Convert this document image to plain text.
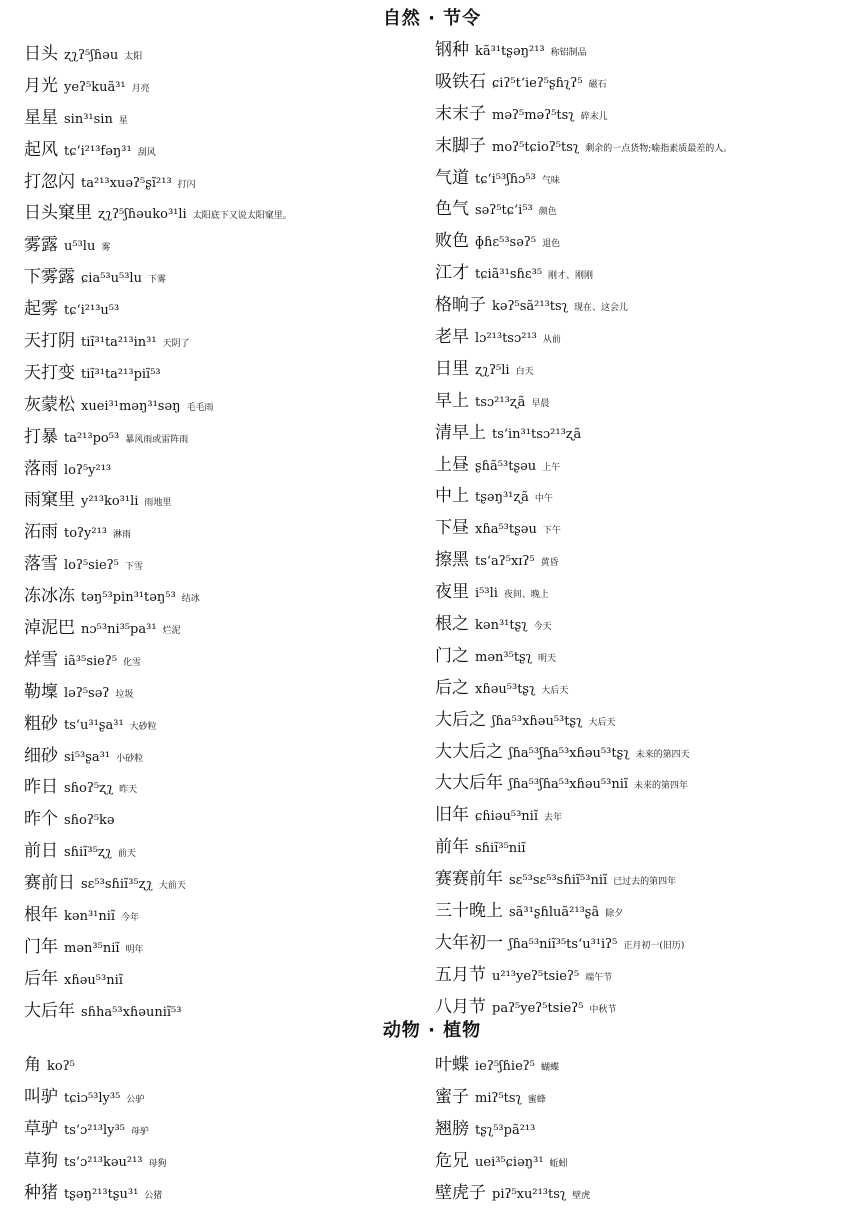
自然 · 节令
日头 ʐʅʔ⁵ʃɦəu 太阳
月光 yeʔ⁵kuã³¹ 月亮
星星 sin³¹sin 星
起风 tɕʻi²¹³fəŋ³¹ 刮风
打忽闪 ta²¹³xuəʔ⁵ʂĩ²¹³ 打闪
日头窠里 ʐʅʔ⁵ʃɦəuko³¹li 太阳底下又说太阳窠里。
雾露 u⁵³lu 雾
下雾露 ɕia⁵³u⁵³lu 下雾
起雾 tɕʻi²¹³u⁵³
天打阴 tiĩ³¹ta²¹³in³¹ 天阴了
天打变 tiĩ³¹ta²¹³piĩ⁵³
灰蒙松 xuei³¹məŋ³¹səŋ 毛毛雨
打暴 ta²¹³po⁵³ 暴风雨或雷阵雨
落雨 loʔ⁵y²¹³
雨窠里 y²¹³ko³¹li 雨地里
沰雨 toʔy²¹³ 淋雨
落雪 loʔ⁵sieʔ⁵ 下雪
冻冰冻 təŋ⁵³pin³¹təŋ⁵³ 结冰
淖泥巴 nɔ⁵³ni³⁵pa³¹ 烂泥
烊雪 iã³⁵sieʔ⁵ 化雪
勒壈 ləʔ⁵səʔ 垃圾
粗砂 tsʻu³¹ʂa³¹ 大砂粒
细砂 si⁵³ʂa³¹ 小砂粒
昨日 sɦoʔ⁵ʐʅ 昨天
昨个 sɦoʔ⁵kə
前日 sɦiĩ³⁵ʐʅ 前天
赛前日 sɛ⁵³sɦiĩ³⁵ʐʅ 大前天
根年 kən³¹niĩ 今年
门年 mən³⁵niĩ 明年
后年 xɦəu⁵³niĩ
大后年 sɦha⁵³xɦəuniĩ⁵³
钢种 kã³¹tʂəŋ²¹³ 称铝制品
吸铁石 ɕiʔ⁵tʻieʔ⁵ʂɦʅʔ⁵ 磁石
末末子 məʔ⁵məʔ⁵tsʅ 碎末儿
末脚子 moʔ⁵tɕioʔ⁵tsʅ 剩余的一点货物;喻指素质最差的人。
气道 tɕʻi⁵³ʃɦɔ⁵³ 气味
色气 səʔ⁵tɕʻi⁵³ 颜色
败色 ɸɦɛ⁵³səʔ⁵ 退色
江才 tɕiã³¹sɦɛ³⁵ 刚才、刚刚
格晌子 kəʔ⁵sã²¹³tsʅ 现在、这会儿
老早 lɔ²¹³tsɔ²¹³ 从前
日里 ʐʅʔ⁵li 白天
早上 tsɔ²¹³ʐã 早晨
清早上 tsʻin³¹tsɔ²¹³ʐã
上昼 ʂɦã⁵³tʂəu 上午
中上 tʂəŋ³¹ʐã 中午
下昼 xɦa⁵³tʂəu 下午
擦黑 tsʻaʔ⁵xɪʔ⁵ 黄昏
夜里 i⁵³li 夜间、晚上
根之 kən³¹tʂʅ 今天
门之 mən³⁵tʂʅ 明天
后之 xɦəu⁵³tʂʅ 大后天
大后之 ʃɦa⁵³xɦəu⁵³tʂʅ 大后天
大大后之 ʃɦa⁵³ʃɦa⁵³xɦəu⁵³tʂʅ 未来的第四天
大大后年 ʃɦa⁵³ʃɦa⁵³xɦəu⁵³niĩ 未来的第四年
旧年 ɕɦiəu⁵³niĩ 去年
前年 sɦiĩ³⁵niĩ
赛赛前年 sɛ⁵³sɛ⁵³sɦiĩ⁵³niĩ 已过去的第四年
三十晚上 sã³¹ʂɦluã²¹³ʂã 除夕
大年初一 ʃɦa⁵³niĩ³⁵tsʻu³¹iʔ⁵ 正月初一(旧历)
五月节 u²¹³yeʔ⁵tsieʔ⁵ 端午节
八月节 paʔ⁵yeʔ⁵tsieʔ⁵ 中秋节
动物 · 植物
角 koʔ⁵
叫驴 tɕiɔ⁵³ly³⁵ 公驴
草驴 tsʻɔ²¹³ly³⁵ 母驴
草狗 tsʻɔ²¹³kəu²¹³ 母狗
种猪 tʂəŋ²¹³tʂu³¹ 公猪
叶蝶 ieʔ⁵ʃɦieʔ⁵ 蝴蝶
蜜子 miʔ⁵tsʅ 蜜蜂
翘膀 tʂʅ⁵³pã²¹³
危兄 uei³⁵ɕiəŋ³¹ 蚯蚓
壁虎子 piʔ⁵xu²¹³tsʅ 壁虎
